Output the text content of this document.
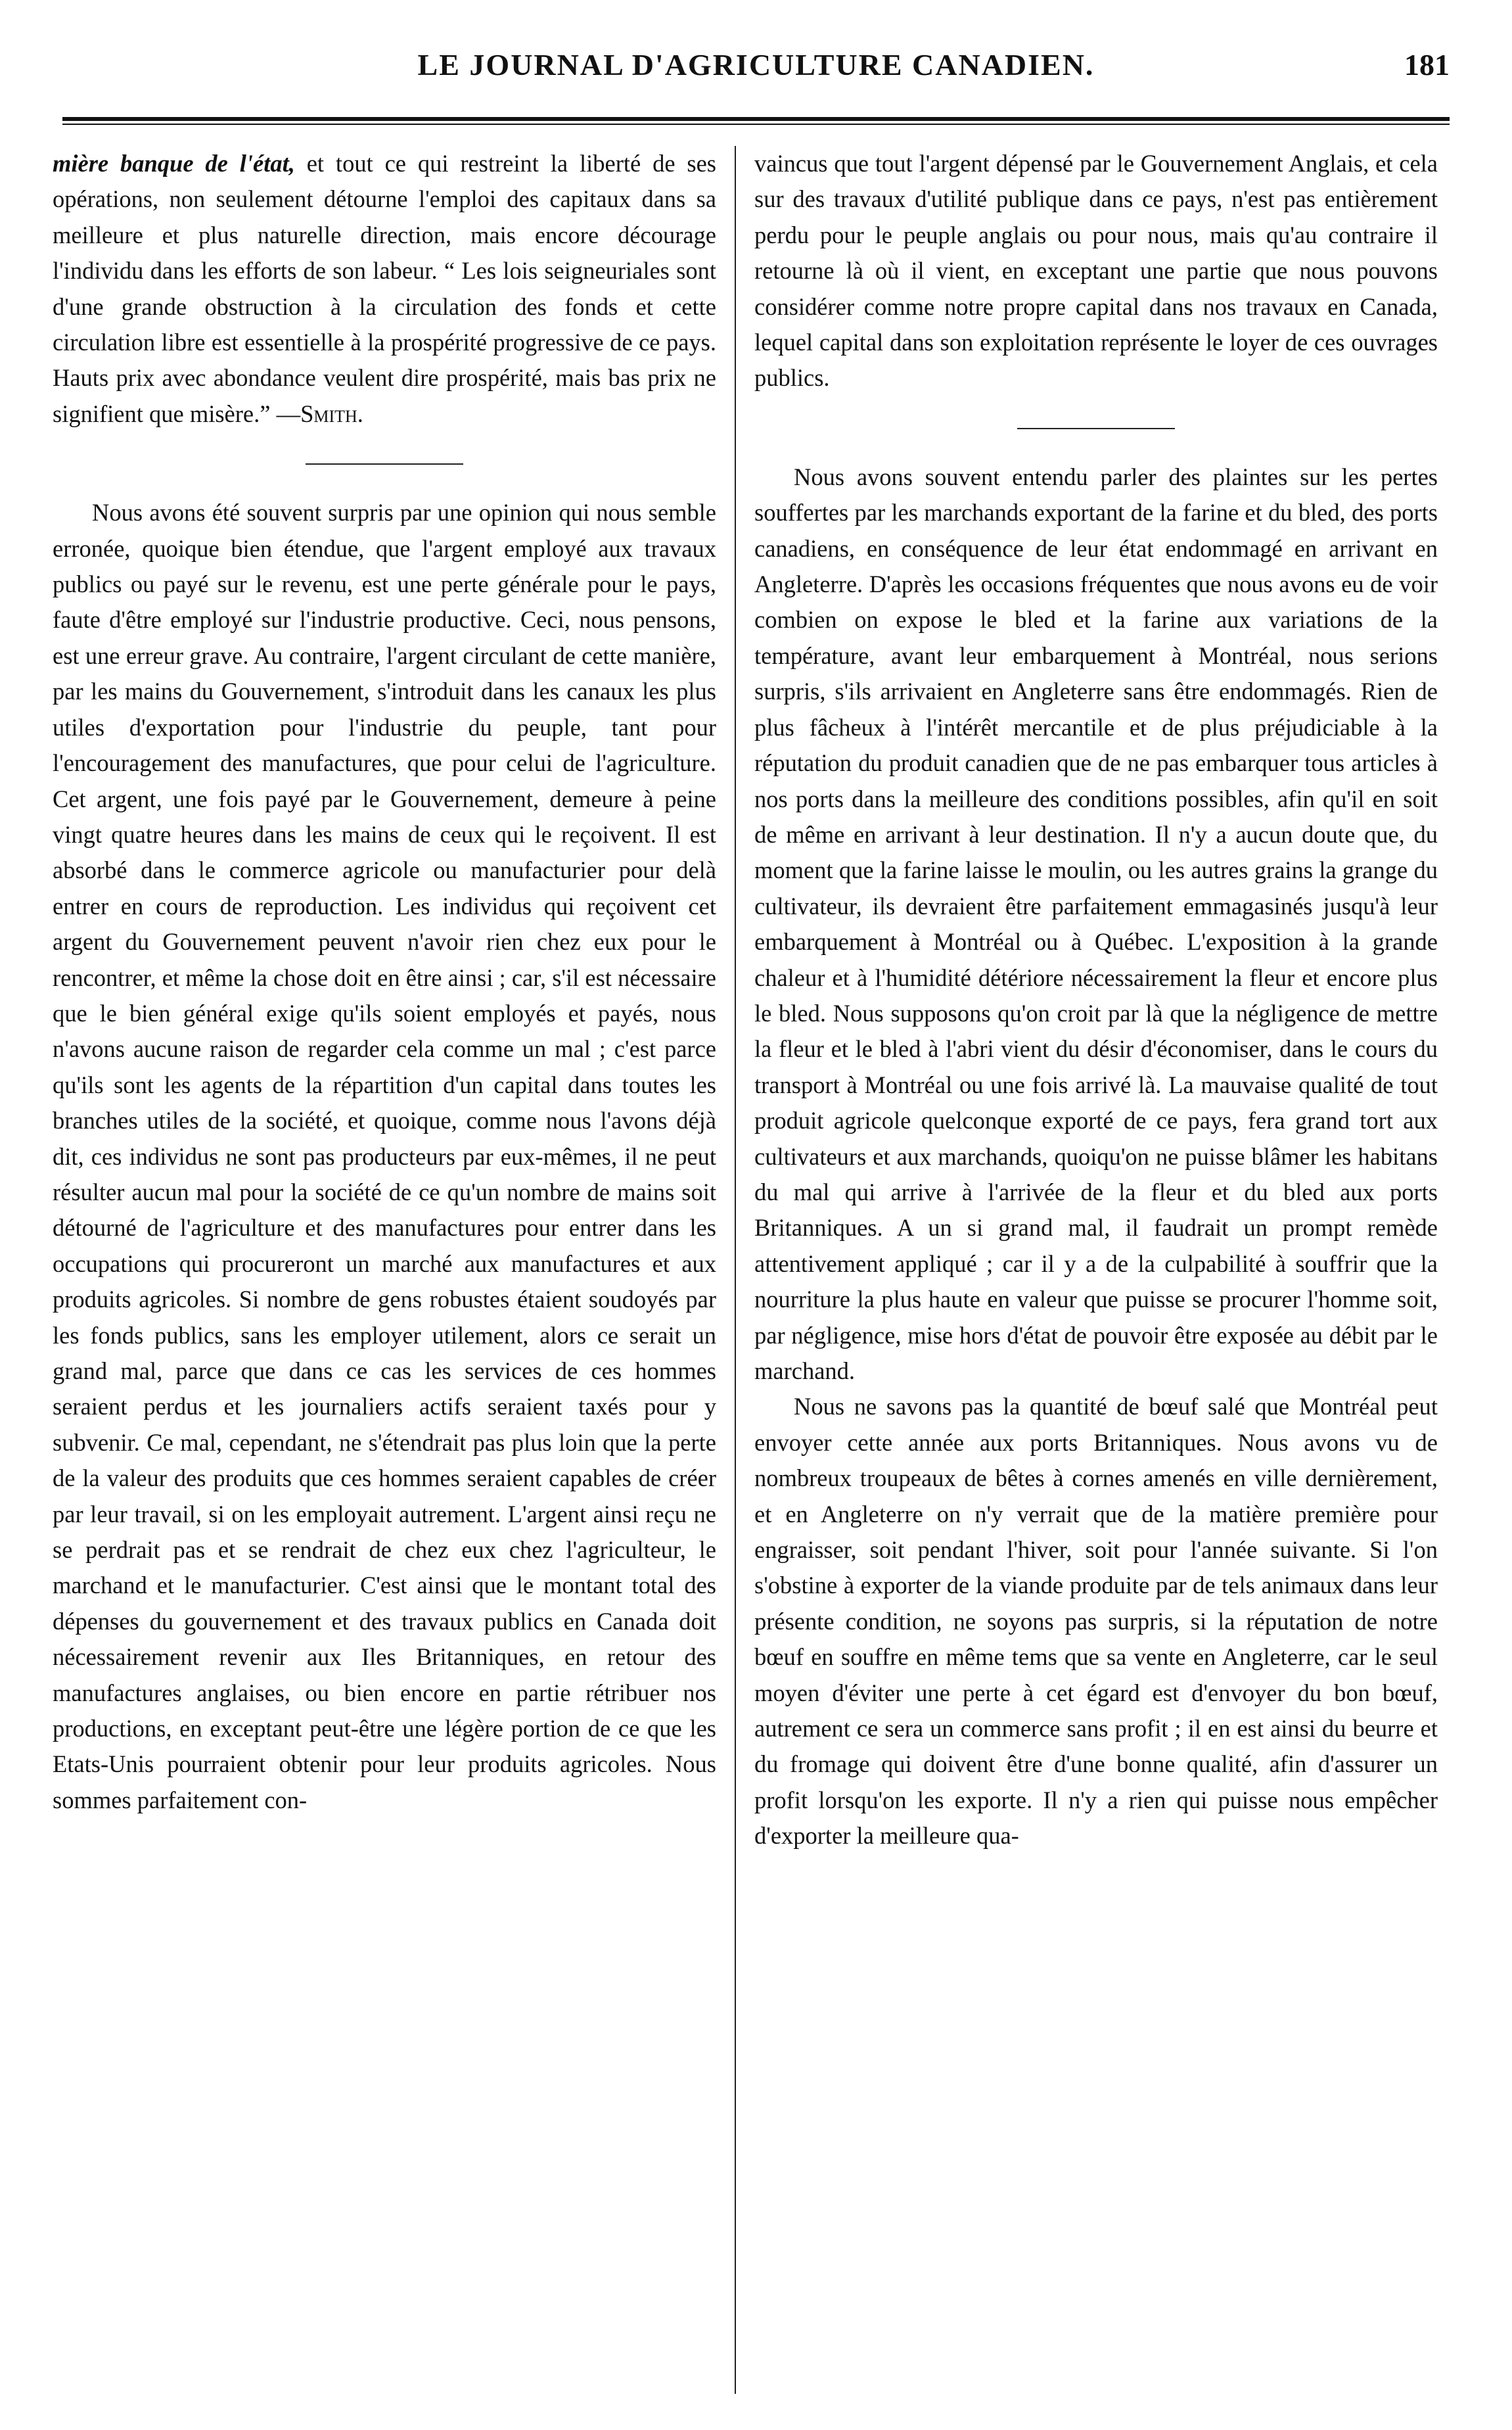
LE JOURNAL D'AGRICULTURE CANADIEN.	181

mière banque de l'état, et tout ce qui restreint la liberté de ses opérations, non seulement détourne l'emploi des capitaux dans sa meilleure et plus naturelle direction, mais encore décourage l'individu dans les efforts de son labeur. “ Les lois seigneuriales sont d'une grande obstruction à la circulation des fonds et cette circulation libre est essentielle à la prospérité progressive de ce pays. Hauts prix avec abondance veulent dire prospérité, mais bas prix ne signifient que misère.” —Smith.

Nous avons été souvent surpris par une opinion qui nous semble erronée, quoique bien étendue, que l'argent employé aux travaux publics ou payé sur le revenu, est une perte générale pour le pays, faute d'être employé sur l'industrie productive. Ceci, nous pensons, est une erreur grave. Au contraire, l'argent circulant de cette manière, par les mains du Gouvernement, s'introduit dans les canaux les plus utiles d'exportation pour l'industrie du peuple, tant pour l'encouragement des manufactures, que pour celui de l'agriculture. Cet argent, une fois payé par le Gouvernement, demeure à peine vingt quatre heures dans les mains de ceux qui le reçoivent. Il est absorbé dans le commerce agricole ou manufacturier pour delà entrer en cours de reproduction. Les individus qui reçoivent cet argent du Gouvernement peuvent n'avoir rien chez eux pour le rencontrer, et même la chose doit en être ainsi ; car, s'il est nécessaire que le bien général exige qu'ils soient employés et payés, nous n'avons aucune raison de regarder cela comme un mal ; c'est parce qu'ils sont les agents de la répartition d'un capital dans toutes les branches utiles de la société, et quoique, comme nous l'avons déjà dit, ces individus ne sont pas producteurs par eux-mêmes, il ne peut résulter aucun mal pour la société de ce qu'un nombre de mains soit détourné de l'agriculture et des manufactures pour entrer dans les occupations qui procureront un marché aux manufactures et aux produits agricoles. Si nombre de gens robustes étaient soudoyés par les fonds publics, sans les employer utilement, alors ce serait un grand mal, parce que dans ce cas les services de ces hommes seraient perdus et les journaliers actifs seraient taxés pour y subvenir. Ce mal, cependant, ne s'étendrait pas plus loin que la perte de la valeur des produits que ces hommes seraient capables de créer par leur travail, si on les employait autrement. L'argent ainsi reçu ne se perdrait pas et se rendrait de chez eux chez l'agriculteur, le marchand et le manufacturier. C'est ainsi que le montant total des dépenses du gouvernement et des travaux publics en Canada doit nécessairement revenir aux Iles Britanniques, en retour des manufactures anglaises, ou bien encore en partie rétribuer nos productions, en exceptant peut-être une légère portion de ce que les Etats-Unis pourraient obtenir pour leur produits agricoles. Nous sommes parfaitement con-

vaincus que tout l'argent dépensé par le Gouvernement Anglais, et cela sur des travaux d'utilité publique dans ce pays, n'est pas entièrement perdu pour le peuple anglais ou pour nous, mais qu'au contraire il retourne là où il vient, en exceptant une partie que nous pouvons considérer comme notre propre capital dans nos travaux en Canada, lequel capital dans son exploitation représente le loyer de ces ouvrages publics.

Nous avons souvent entendu parler des plaintes sur les pertes souffertes par les marchands exportant de la farine et du bled, des ports canadiens, en conséquence de leur état endommagé en arrivant en Angleterre. D'après les occasions fréquentes que nous avons eu de voir combien on expose le bled et la farine aux variations de la température, avant leur embarquement à Montréal, nous serions surpris, s'ils arrivaient en Angleterre sans être endommagés. Rien de plus fâcheux à l'intérêt mercantile et de plus préjudiciable à la réputation du produit canadien que de ne pas embarquer tous articles à nos ports dans la meilleure des conditions possibles, afin qu'il en soit de même en arrivant à leur destination. Il n'y a aucun doute que, du moment que la farine laisse le moulin, ou les autres grains la grange du cultivateur, ils devraient être parfaitement emmagasinés jusqu'à leur embarquement à Montréal ou à Québec. L'exposition à la grande chaleur et à l'humidité détériore nécessairement la fleur et encore plus le bled. Nous supposons qu'on croit par là que la négligence de mettre la fleur et le bled à l'abri vient du désir d'économiser, dans le cours du transport à Montréal ou une fois arrivé là. La mauvaise qualité de tout produit agricole quelconque exporté de ce pays, fera grand tort aux cultivateurs et aux marchands, quoiqu'on ne puisse blâmer les habitans du mal qui arrive à l'arrivée de la fleur et du bled aux ports Britanniques. A un si grand mal, il faudrait un prompt remède attentivement appliqué ; car il y a de la culpabilité à souffrir que la nourriture la plus haute en valeur que puisse se procurer l'homme soit, par négligence, mise hors d'état de pouvoir être exposée au débit par le marchand.

Nous ne savons pas la quantité de bœuf salé que Montréal peut envoyer cette année aux ports Britanniques. Nous avons vu de nombreux troupeaux de bêtes à cornes amenés en ville dernièrement, et en Angleterre on n'y verrait que de la matière première pour engraisser, soit pendant l'hiver, soit pour l'année suivante. Si l'on s'obstine à exporter de la viande produite par de tels animaux dans leur présente condition, ne soyons pas surpris, si la réputation de notre bœuf en souffre en même tems que sa vente en Angleterre, car le seul moyen d'éviter une perte à cet égard est d'envoyer du bon bœuf, autrement ce sera un commerce sans profit ; il en est ainsi du beurre et du fromage qui doivent être d'une bonne qualité, afin d'assurer un profit lorsqu'on les exporte. Il n'y a rien qui puisse nous empêcher d'exporter la meilleure qua-
